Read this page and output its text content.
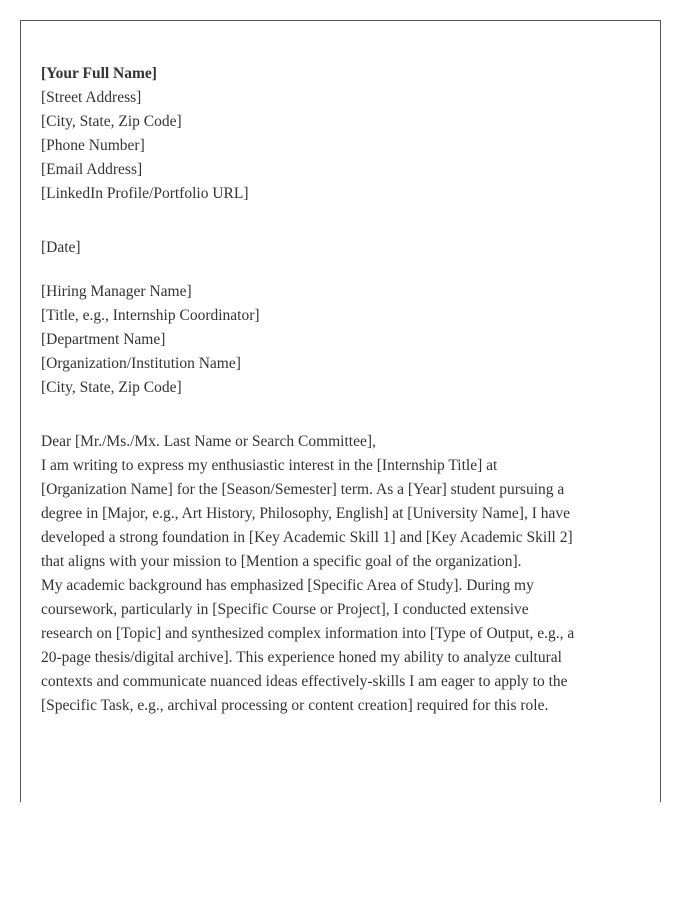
[Your Full Name]
[Street Address]
[City, State, Zip Code]
[Phone Number]
[Email Address]
[LinkedIn Profile/Portfolio URL]
[Date]
[Hiring Manager Name]
[Title, e.g., Internship Coordinator]
[Department Name]
[Organization/Institution Name]
[City, State, Zip Code]
Dear [Mr./Ms./Mx. Last Name or Search Committee],
I am writing to express my enthusiastic interest in the [Internship Title] at
[Organization Name] for the [Season/Semester] term. As a [Year] student pursuing a
degree in [Major, e.g., Art History, Philosophy, English] at [University Name], I have
developed a strong foundation in [Key Academic Skill 1] and [Key Academic Skill 2]
that aligns with your mission to [Mention a specific goal of the organization].
My academic background has emphasized [Specific Area of Study]. During my
coursework, particularly in [Specific Course or Project], I conducted extensive
research on [Topic] and synthesized complex information into [Type of Output, e.g., a
20-page thesis/digital archive]. This experience honed my ability to analyze cultural
contexts and communicate nuanced ideas effectively-skills I am eager to apply to the
[Specific Task, e.g., archival processing or content creation] required for this role.
